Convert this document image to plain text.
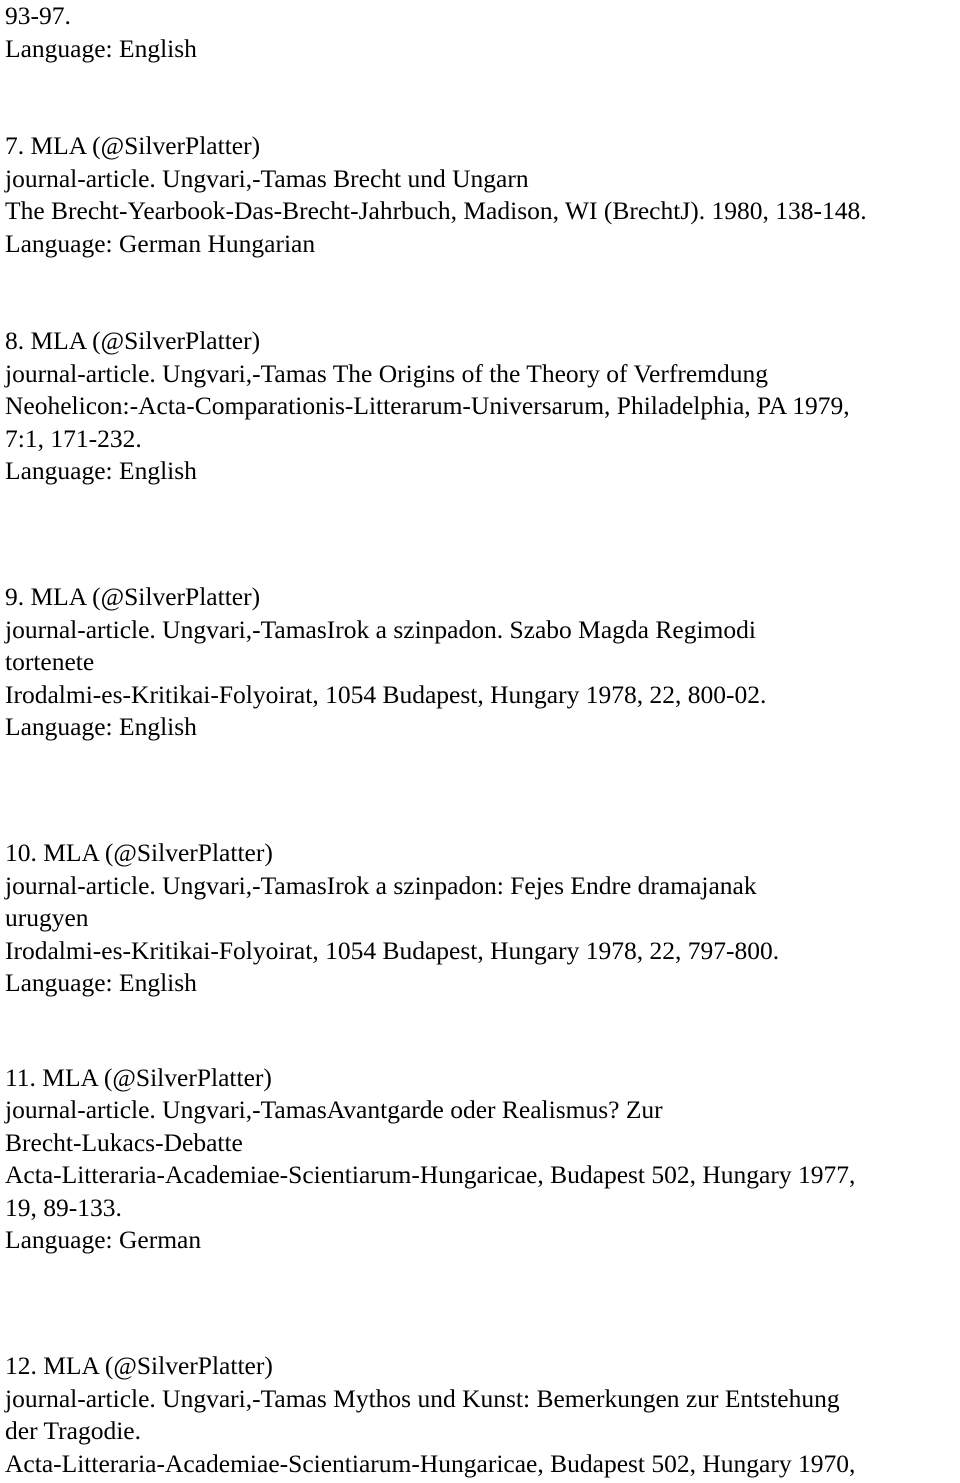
93-97.
Language: English
7. MLA (@SilverPlatter)
journal-article. Ungvari,-Tamas Brecht und Ungarn
The Brecht-Yearbook-Das-Brecht-Jahrbuch, Madison, WI (BrechtJ). 1980, 138-148.
Language: German Hungarian
8. MLA (@SilverPlatter)
journal-article. Ungvari,-Tamas The Origins of the Theory of Verfremdung
Neohelicon:-Acta-Comparationis-Litterarum-Universarum, Philadelphia, PA 1979,
7:1, 171-232.
Language: English
9. MLA (@SilverPlatter)
journal-article. Ungvari,-TamasIrok a szinpadon. Szabo Magda Regimodi
tortenete
Irodalmi-es-Kritikai-Folyoirat, 1054 Budapest, Hungary 1978, 22, 800-02.
Language: English
10. MLA (@SilverPlatter)
journal-article. Ungvari,-TamasIrok a szinpadon: Fejes Endre dramajanak
urugyen
Irodalmi-es-Kritikai-Folyoirat, 1054 Budapest, Hungary 1978, 22, 797-800.
Language: English
11. MLA (@SilverPlatter)
journal-article. Ungvari,-TamasAvantgarde oder Realismus? Zur
Brecht-Lukacs-Debatte
Acta-Litteraria-Academiae-Scientiarum-Hungaricae, Budapest 502, Hungary 1977,
19, 89-133.
Language: German
12. MLA (@SilverPlatter)
journal-article. Ungvari,-Tamas Mythos und Kunst: Bemerkungen zur Entstehung
der Tragodie.
Acta-Litteraria-Academiae-Scientiarum-Hungaricae, Budapest 502, Hungary 1970,
